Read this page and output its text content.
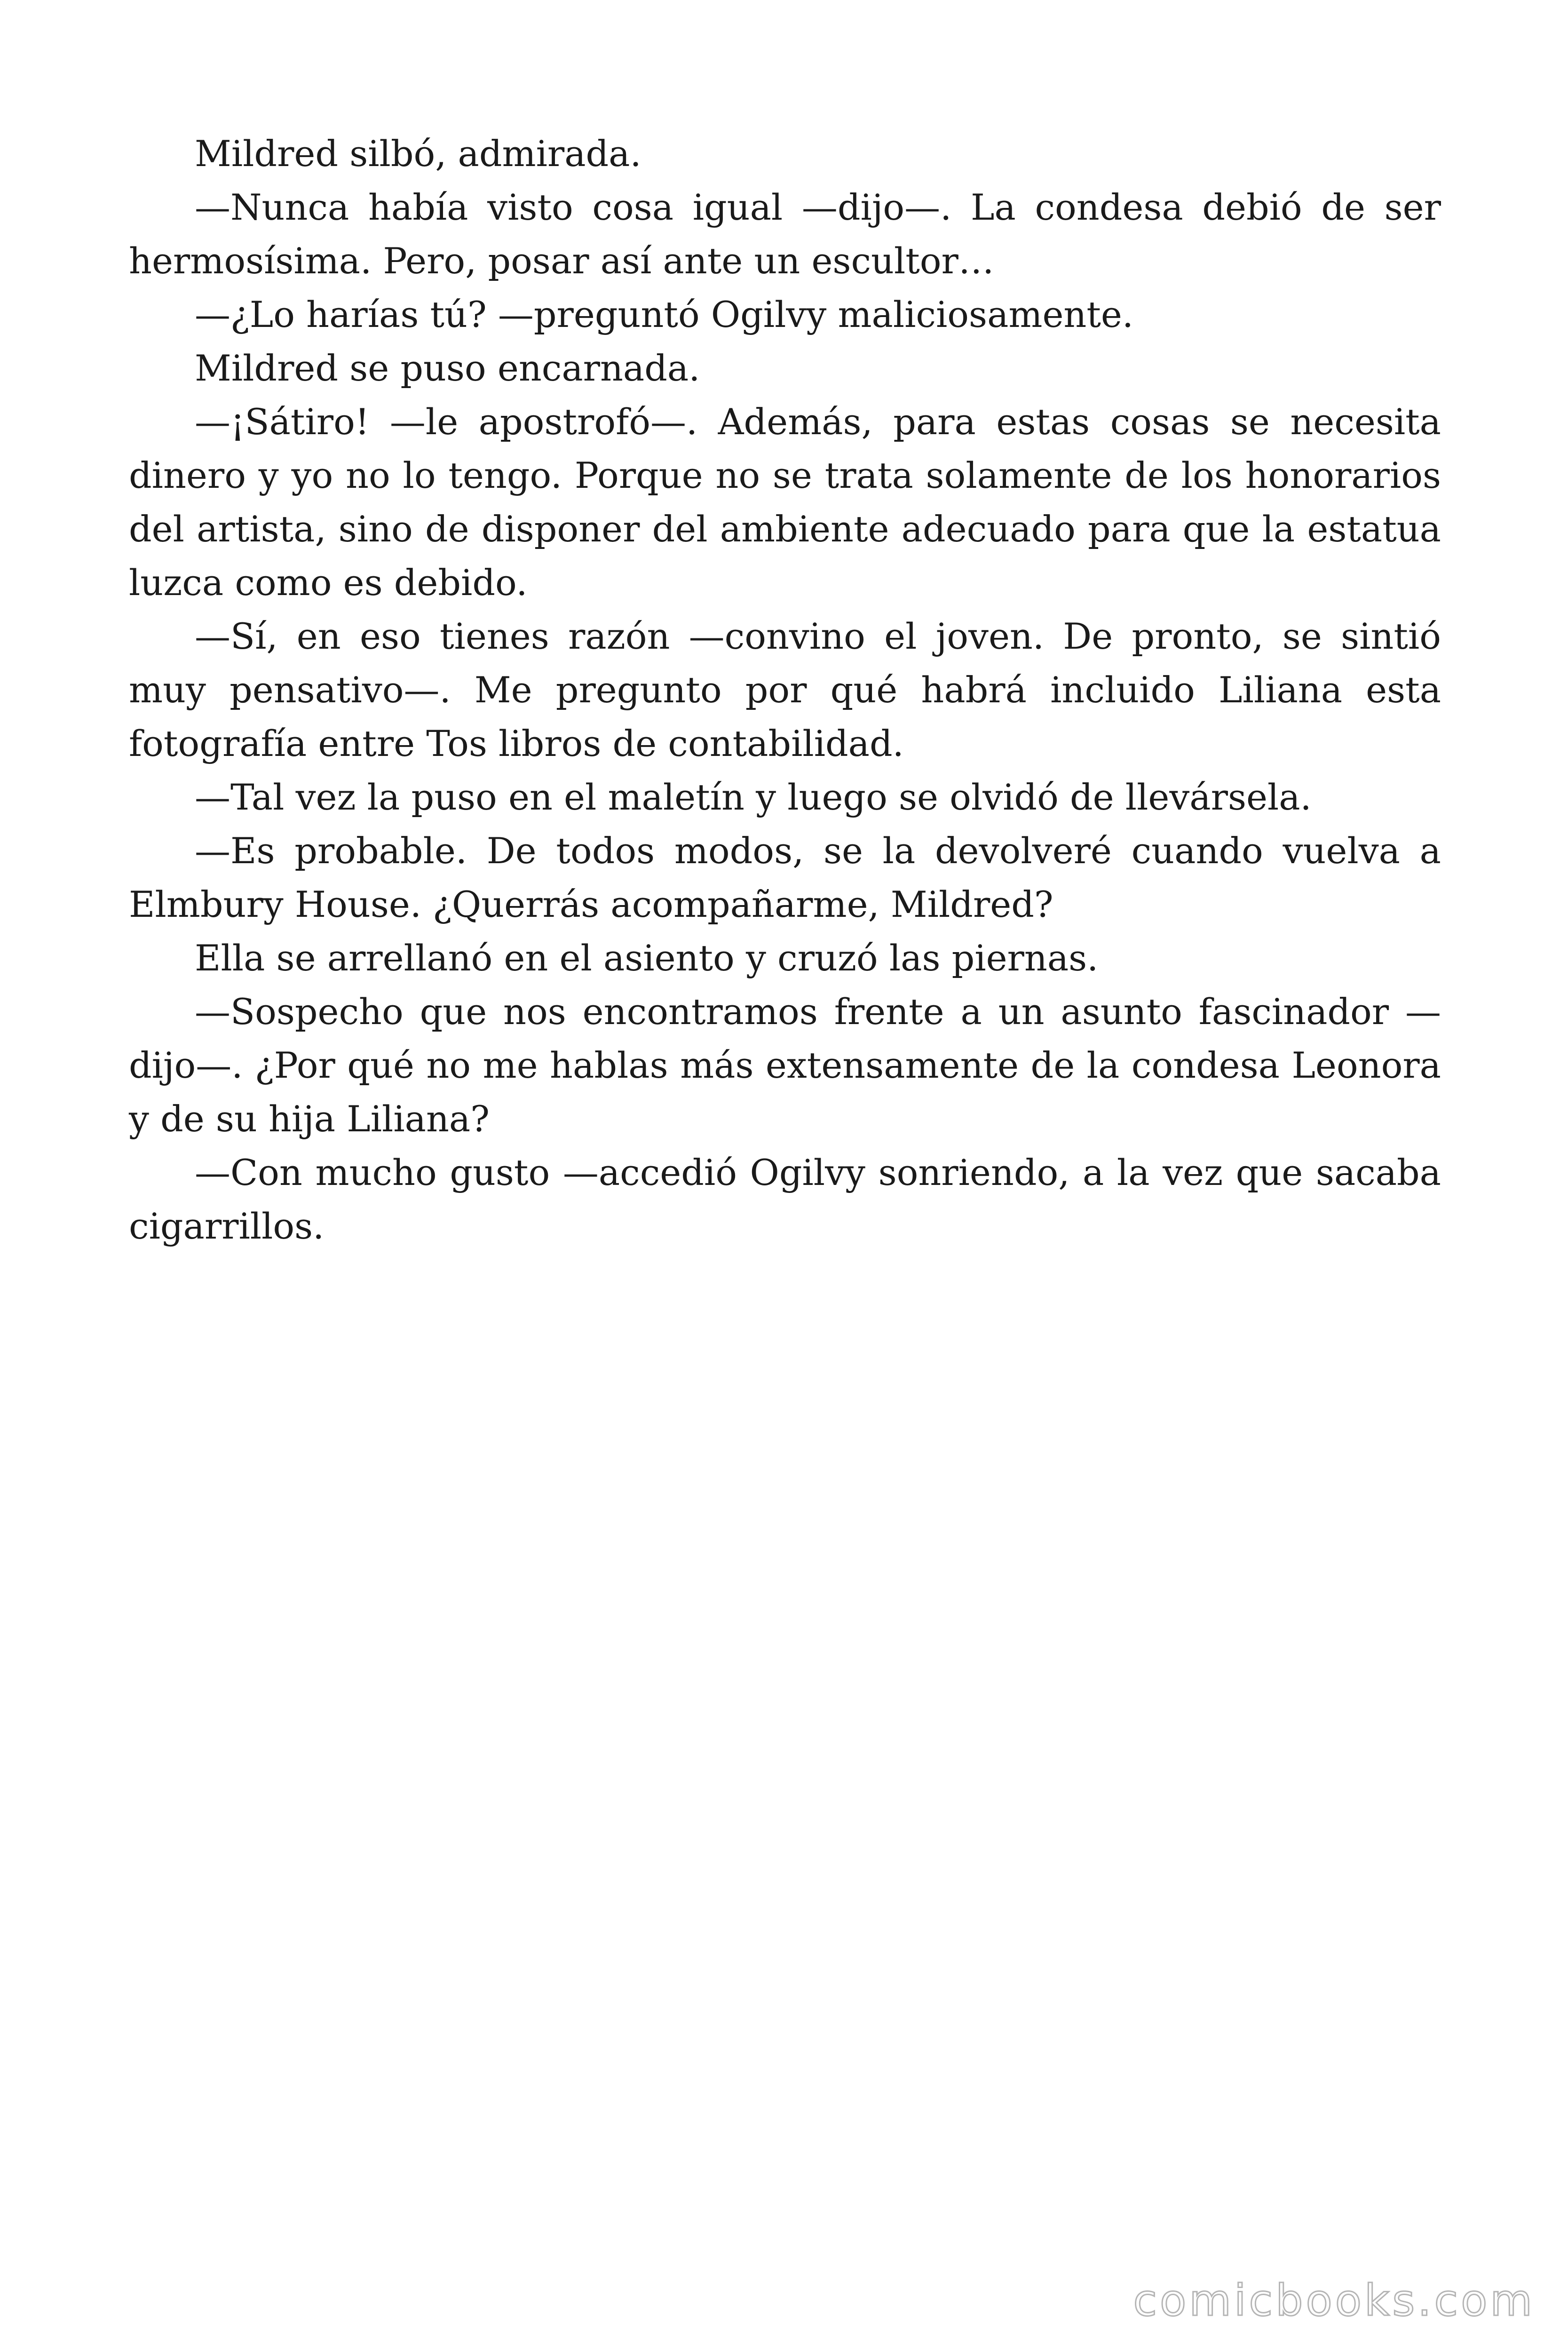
Mildred silbó, admirada.

—Nunca había visto cosa igual —dijo—. La condesa debió de ser hermosísima. Pero, posar así ante un escultor…

—¿Lo harías tú? —preguntó Ogilvy maliciosamente.

Mildred se puso encarnada.

—¡Sátiro! —le apostrofó—. Además, para estas cosas se necesita dinero y yo no lo tengo. Porque no se trata solamente de los honorarios del artista, sino de disponer del ambiente adecuado para que la estatua luzca como es debido.

—Sí, en eso tienes razón —convino el joven. De pronto, se sintió muy pensativo—. Me pregunto por qué habrá incluido Liliana esta fotografía entre Tos libros de contabilidad.

—Tal vez la puso en el maletín y luego se olvidó de llevársela.

—Es probable. De todos modos, se la devolveré cuando vuelva a Elmbury House. ¿Querrás acompañarme, Mildred?

Ella se arrellanó en el asiento y cruzó las piernas.

—Sospecho que nos encontramos frente a un asunto fascinador —dijo—. ¿Por qué no me hablas más extensamente de la condesa Leonora y de su hija Liliana?

—Con mucho gusto —accedió Ogilvy sonriendo, a la vez que sacaba cigarrillos.

comicbooks.com
